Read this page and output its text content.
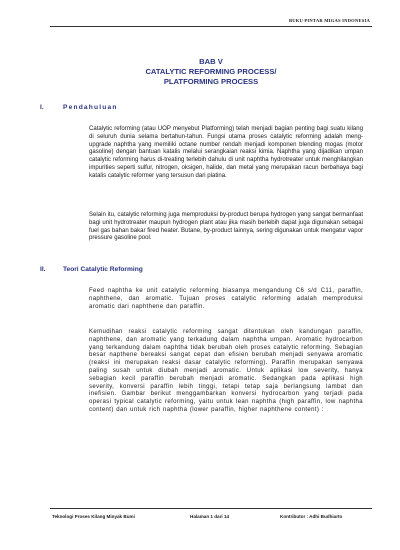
BUKU PINTAR MIGAS INDONESIA
BAB V
CATALYTIC REFORMING PROCESS/
PLATFORMING PROCESS
I.	Pendahuluan

Catalytic reforming (atau UOP menyebut Platforming) telah menjadi bagian penting bagi suatu kilang di seluruh dunia selama bertahun-tahun. Fungsi utama proses catalytic reforming adalah meng-upgrade naphtha yang memiliki octane number rendah menjadi komponen blending mogas (motor gasoline) dengan bantuan katalis melalui serangkaian reaksi kimia. Naphtha yang dijadikan umpan catalytic reforming harus di-treating terlebih dahulu di unit naphtha hydrotreater untuk menghilangkan impurities seperti sulfur, nitrogen, oksigen, halide, dan metal yang merupakan racun berbahaya bagi katalis catalytic reformer yang tersusun dari platina.

Selain itu, catalytic reforming juga memproduksi by-product berupa hydrogen yang sangat bermanfaat bagi unit hydrotreater maupun hydrogen plant atau jika masih berlebih dapat juga digunakan sebagai fuel gas bahan bakar fired heater. Butane, by-product lainnya, sering digunakan untuk mengatur vapor pressure gasoline pool.

II.	Teori Catalytic Reforming

Feed naphtha ke unit catalytic reforming biasanya mengandung C6 s/d C11, paraffin, naphthene, dan aromatic. Tujuan proses catalytic reforming adalah memproduksi aromatic dari naphthene dan paraffin.

Kemudihan reaksi catalytic reforming sangat ditentukan oleh kandungan paraffin, naphthene, dan aromatic yang terkadung dalam naphtha umpan. Aromatic hydrocarbon yang terkandung dalam naphtha tidak berubah oleh proses catalytic reforming. Sebagian besar napthene bereaksi sangat cepat dan efisien berubah menjadi senyawa aromatic (reaksi ini merupakan reaksi dasar catalytic reforming). Paraffin merupakan senyawa paling susah untuk diubah menjadi aromatic. Untuk aplikasi low severity, hanya sebagian kecil paraffin berubah menjadi aromatic. Sedangkan pada aplikasi high severity, konversi paraffin lebih tinggi, tetapi tetap saja berlangsung lambat dan inefisien. Gambar berikut menggambarkan konversi hydrocarbon yang terjadi pada operasi typical catalytic reforming, yaitu untuk lean naphtha (high paraffin, low naphtha content) dan untuk rich naphtha (lower paraffin, higher naphthene content) :

Teknologi Proses Kilang Minyak Bumi	Halaman 1 dari 14	Kontributor : Adhi Budhiarto
